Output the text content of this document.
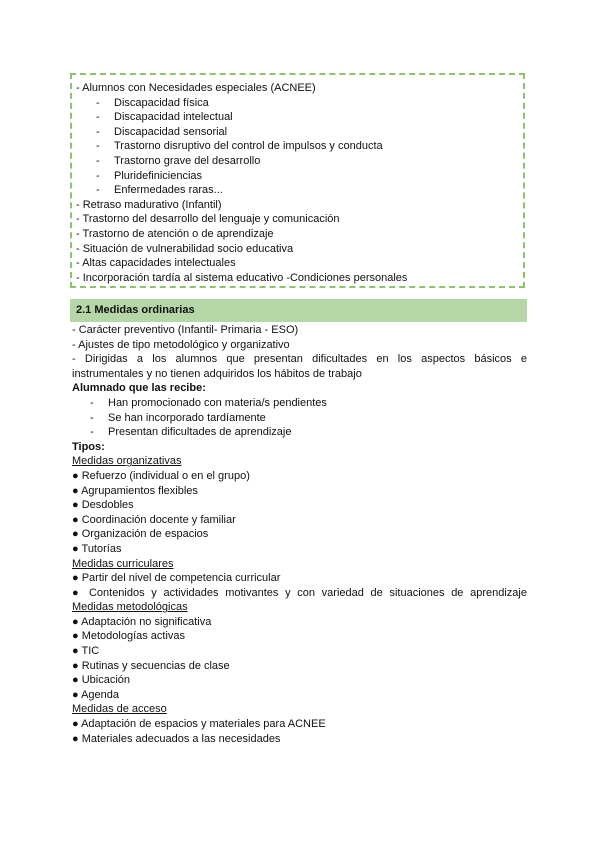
- Alumnos con Necesidades especiales (ACNEE)
- Discapacidad física
- Discapacidad intelectual
- Discapacidad sensorial
- Trastorno disruptivo del control de impulsos y conducta
- Trastorno grave del desarrollo
- Pluridefiniciencias
- Enfermedades raras...
- Retraso madurativo (Infantil)
- Trastorno del desarrollo del lenguaje y comunicación
- Trastorno de atención o de aprendizaje
- Situación de vulnerabilidad socio educativa
- Altas capacidades intelectuales
- Incorporación tardía al sistema educativo -Condiciones personales
2.1 Medidas ordinarias
- Carácter preventivo (Infantil- Primaria - ESO)
- Ajustes de tipo metodológico y organizativo
- Dirigidas a los alumnos que presentan dificultades en los aspectos básicos e
instrumentales y no tienen adquiridos los hábitos de trabajo
Alumnado que las recibe:
- Han promocionado con materia/s pendientes
- Se han incorporado tardíamente
- Presentan dificultades de aprendizaje
Tipos:
Medidas organizativas
● Refuerzo (individual o en el grupo)
● Agrupamientos flexibles
● Desdobles
● Coordinación docente y familiar
● Organización de espacios
● Tutorías
Medidas curriculares
● Partir del nivel de competencia curricular
● Contenidos y actividades motivantes y con variedad de situaciones de aprendizaje
Medidas metodológicas
● Adaptación no significativa
● Metodologías activas
● TIC
● Rutinas y secuencias de clase
● Ubicación
● Agenda
Medidas de acceso
● Adaptación de espacios y materiales para ACNEE
● Materiales adecuados a las necesidades
